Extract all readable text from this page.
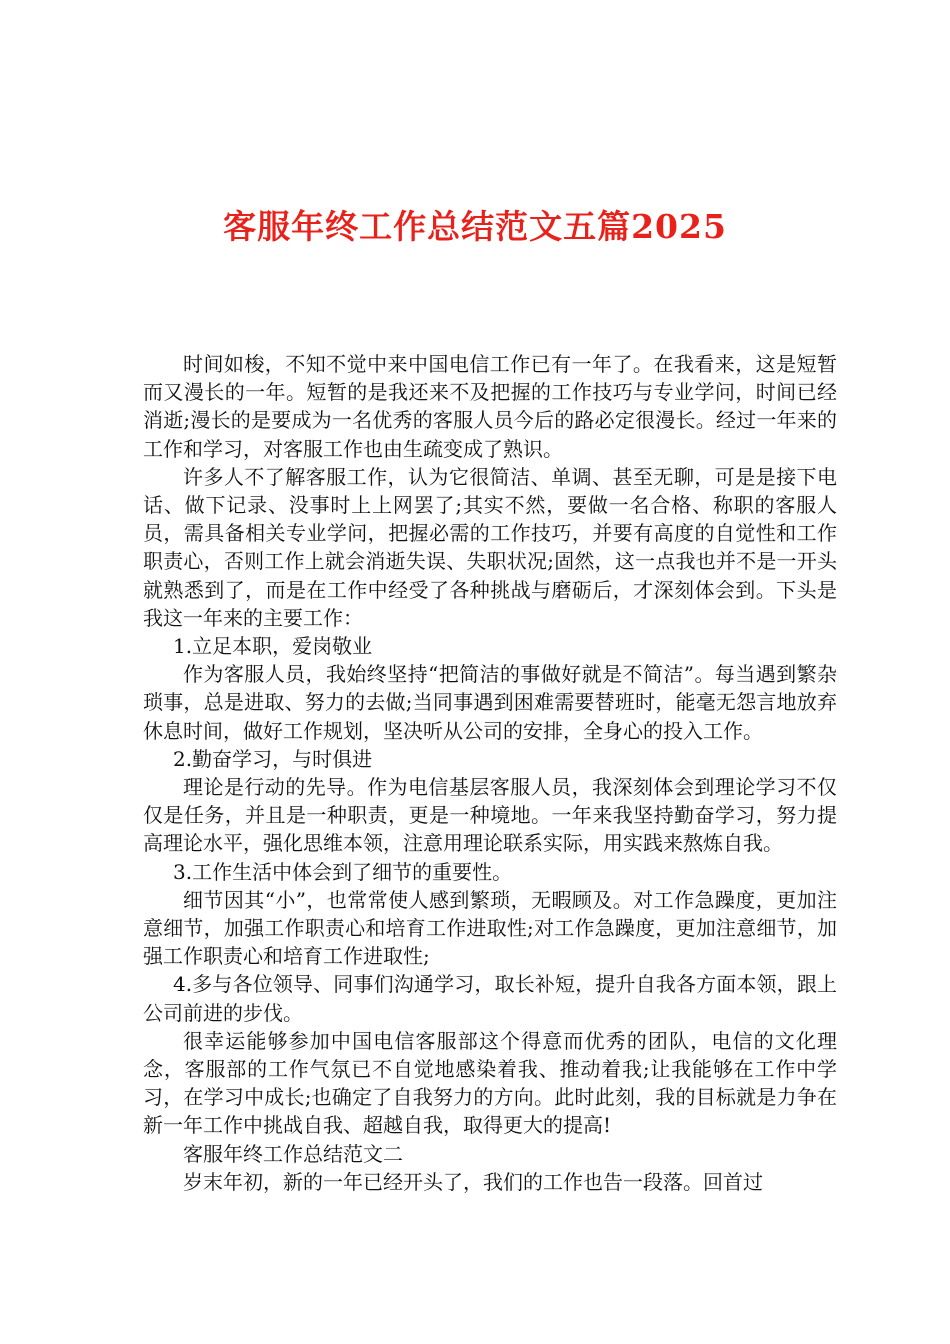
客服年终工作总结范文五篇2025

时间如梭，不知不觉中来中国电信工作已有一年了。在我看来，这是短暂而又漫长的一年。短暂的是我还来不及把握的工作技巧与专业学问，时间已经消逝;漫长的是要成为一名优秀的客服人员今后的路必定很漫长。经过一年来的工作和学习，对客服工作也由生疏变成了熟识。

许多人不了解客服工作，认为它很简洁、单调、甚至无聊，可是是接下电话、做下记录、没事时上上网罢了;其实不然，要做一名合格、称职的客服人员，需具备相关专业学问，把握必需的工作技巧，并要有高度的自觉性和工作职责心，否则工作上就会消逝失误、失职状况;固然，这一点我也并不是一开头就熟悉到了，而是在工作中经受了各种挑战与磨砺后，才深刻体会到。下头是我这一年来的主要工作：

1.立足本职，爱岗敬业

作为客服人员，我始终坚持“把简洁的事做好就是不简洁”。每当遇到繁杂琐事，总是进取、努力的去做;当同事遇到困难需要替班时，能毫无怨言地放弃休息时间，做好工作规划，坚决听从公司的安排，全身心的投入工作。

2.勤奋学习，与时俱进

理论是行动的先导。作为电信基层客服人员，我深刻体会到理论学习不仅仅是任务，并且是一种职责，更是一种境地。一年来我坚持勤奋学习，努力提高理论水平，强化思维本领，注意用理论联系实际，用实践来熬炼自我。

3.工作生活中体会到了细节的重要性。

细节因其“小”，也常常使人感到繁琐，无暇顾及。对工作急躁度，更加注意细节，加强工作职责心和培育工作进取性;对工作急躁度，更加注意细节，加强工作职责心和培育工作进取性;

4.多与各位领导、同事们沟通学习，取长补短，提升自我各方面本领，跟上公司前进的步伐。

很幸运能够参加中国电信客服部这个得意而优秀的团队，电信的文化理念，客服部的工作气氛已不自觉地感染着我、推动着我;让我能够在工作中学习，在学习中成长;也确定了自我努力的方向。此时此刻，我的目标就是力争在新一年工作中挑战自我、超越自我，取得更大的提高!

客服年终工作总结范文二

岁末年初，新的一年已经开头了，我们的工作也告一段落。回首过
